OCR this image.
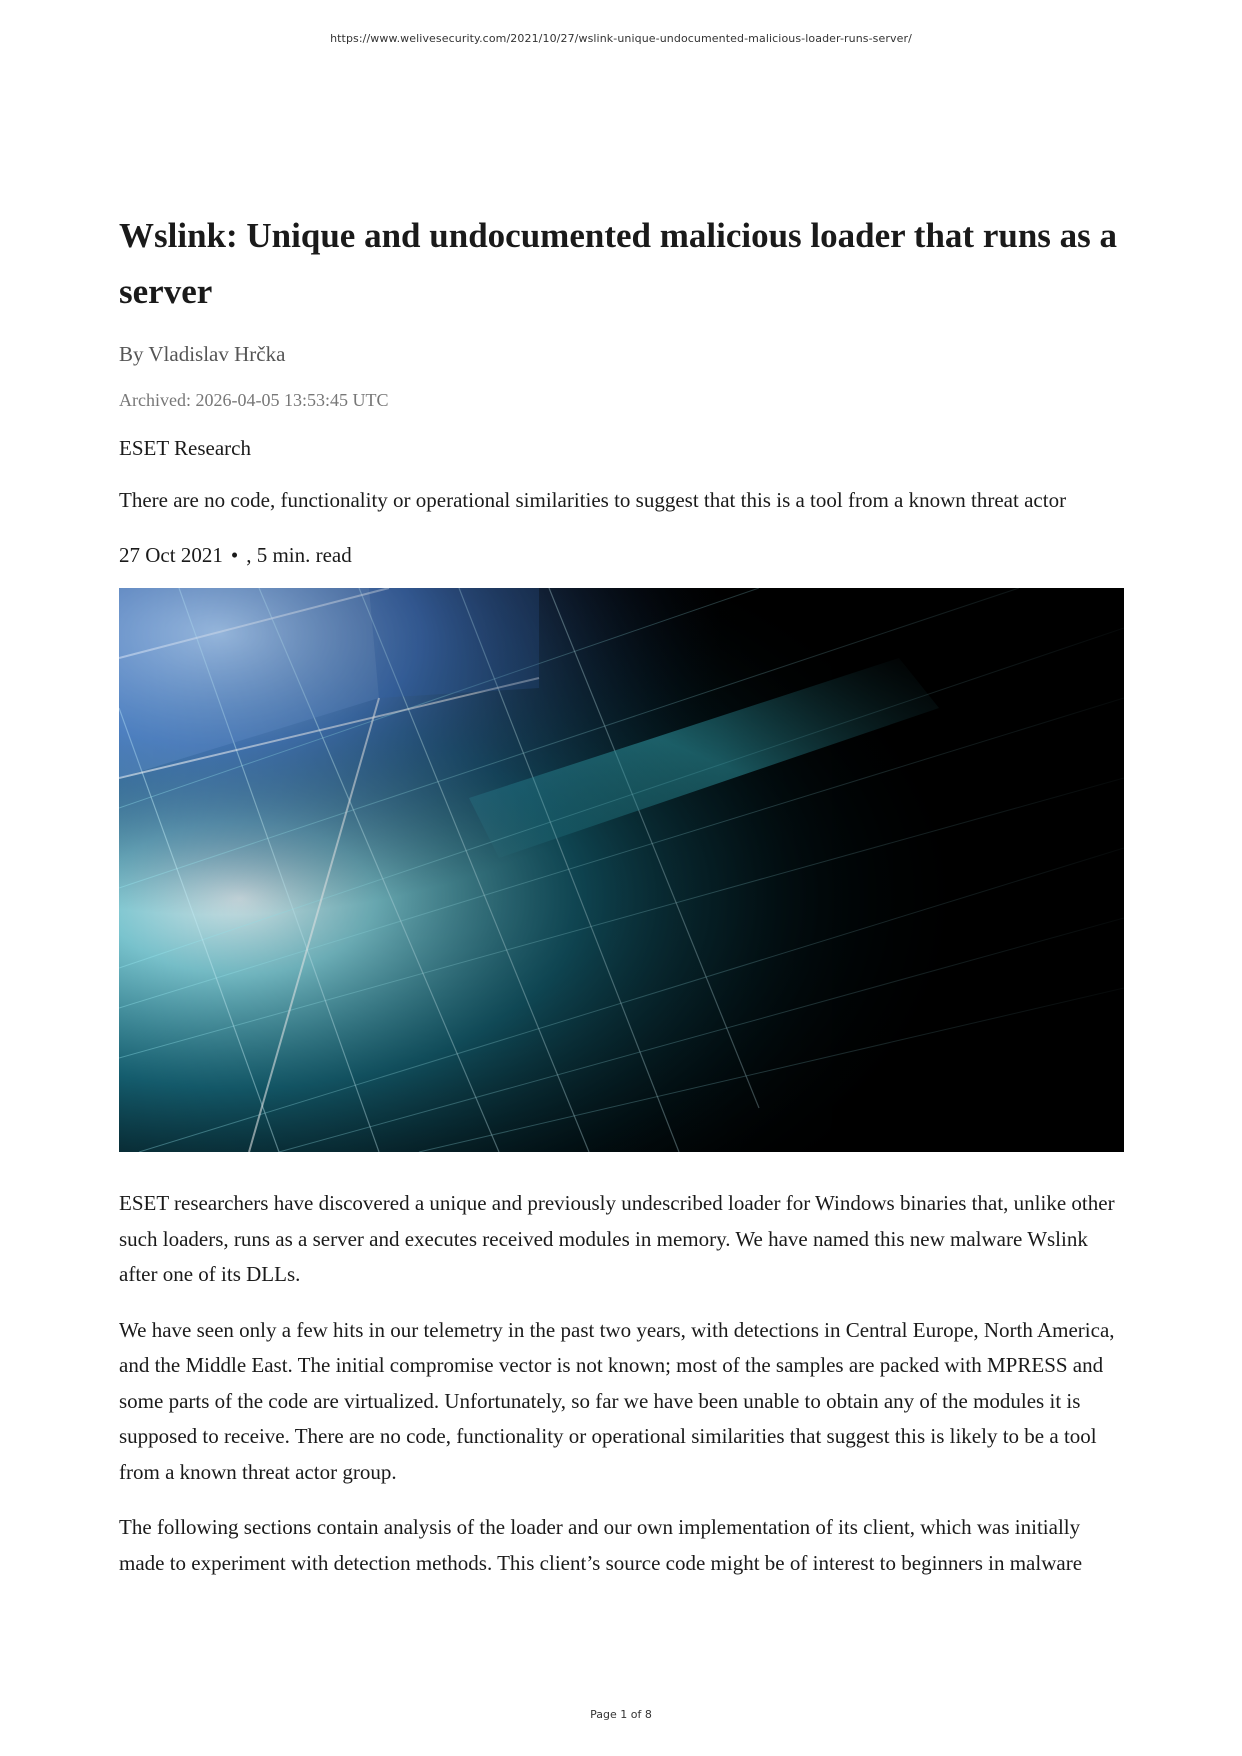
https://www.welivesecurity.com/2021/10/27/wslink-unique-undocumented-malicious-loader-runs-server/
Wslink: Unique and undocumented malicious loader that runs as a server
By Vladislav Hrčka
Archived: 2026-04-05 13:53:45 UTC
ESET Research
There are no code, functionality or operational similarities to suggest that this is a tool from a known threat actor
27 Oct 2021 • , 5 min. read

ESET researchers have discovered a unique and previously undescribed loader for Windows binaries that, unlike other such loaders, runs as a server and executes received modules in memory. We have named this new malware Wslink after one of its DLLs.

We have seen only a few hits in our telemetry in the past two years, with detections in Central Europe, North America, and the Middle East. The initial compromise vector is not known; most of the samples are packed with MPRESS and some parts of the code are virtualized. Unfortunately, so far we have been unable to obtain any of the modules it is supposed to receive. There are no code, functionality or operational similarities that suggest this is likely to be a tool from a known threat actor group.

The following sections contain analysis of the loader and our own implementation of its client, which was initially made to experiment with detection methods. This client’s source code might be of interest to beginners in malware

Page 1 of 8
